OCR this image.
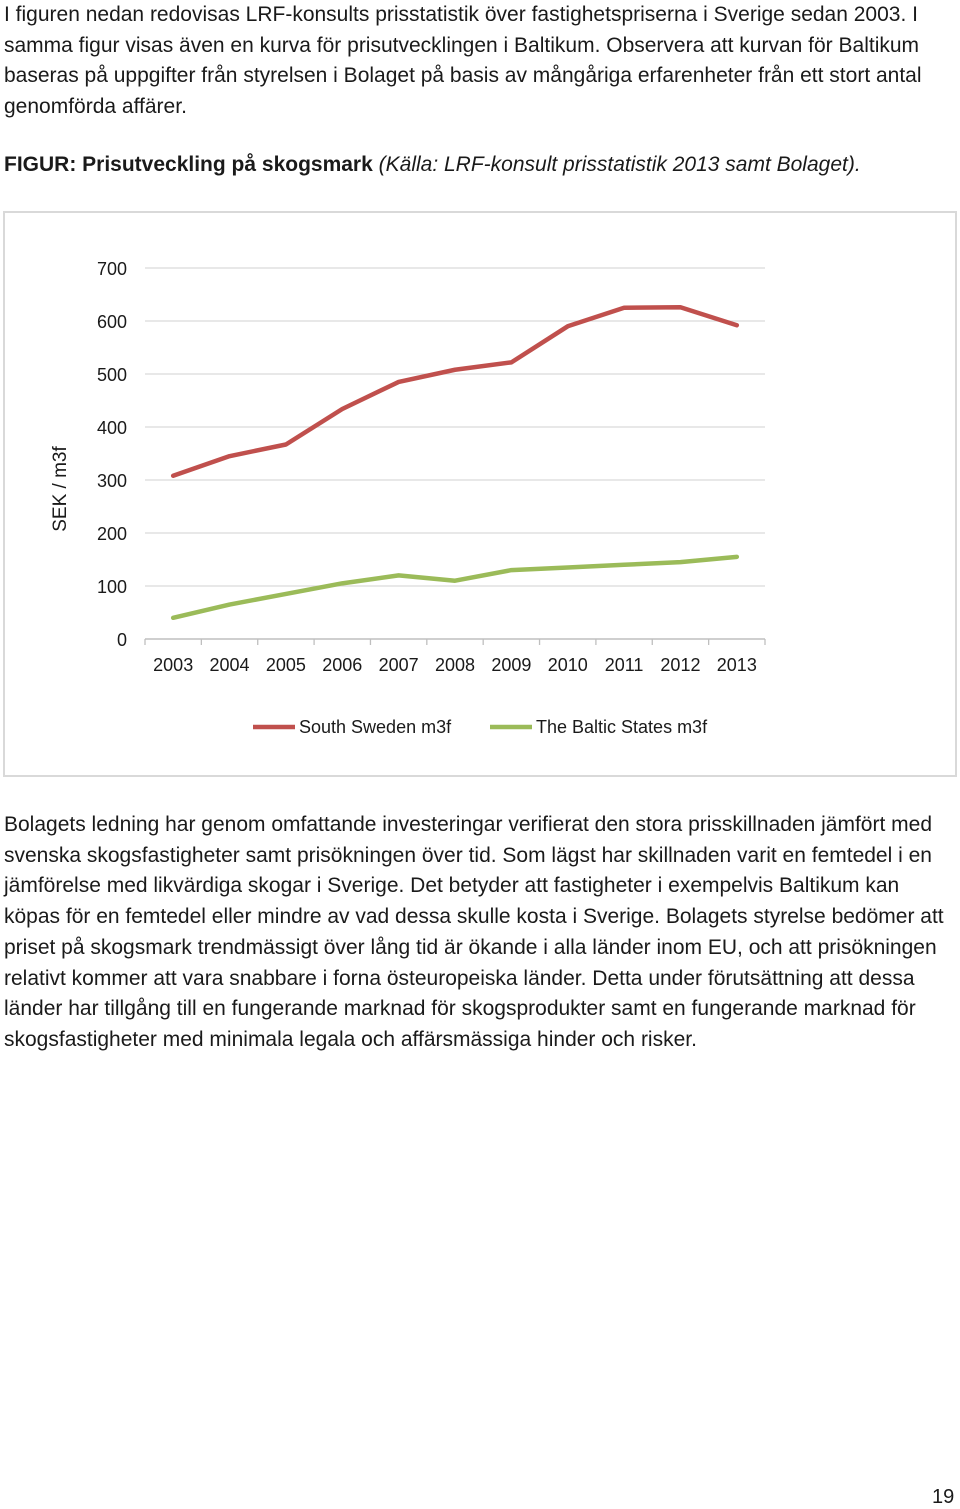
I figuren nedan redovisas LRF-konsults prisstatistik över fastighetspriserna i Sverige sedan 2003. I samma figur visas även en kurva för prisutvecklingen i Baltikum. Observera att kurvan för Baltikum baseras på uppgifter från styrelsen i Bolaget på basis av mångåriga erfarenheter från ett stort antal genomförda affärer.

FIGUR: Prisutveckling på skogsmark (Källa: LRF-konsult prisstatistik 2013 samt Bolaget).

0
100
200
300
400
500
600
700
2003 2004 2005 2006 2007 2008 2009 2010 2011 2012 2013
SEK / m3f
South Sweden m3f	The Baltic States m3f

Bolagets ledning har genom omfattande investeringar verifierat den stora prisskillnaden jämfört med svenska skogsfastigheter samt prisökningen över tid. Som lägst har skillnaden varit en femtedel i en jämförelse med likvärdiga skogar i Sverige. Det betyder att fastigheter i exempelvis Baltikum kan köpas för en femtedel eller mindre av vad dessa skulle kosta i Sverige. Bolagets styrelse bedömer att priset på skogsmark trendmässigt över lång tid är ökande i alla länder inom EU, och att prisökningen relativt kommer att vara snabbare i forna östeuropeiska länder. Detta under förutsättning att dessa länder har tillgång till en fungerande marknad för skogsprodukter samt en fungerande marknad för skogsfastigheter med minimala legala och affärsmässiga hinder och risker.

19
